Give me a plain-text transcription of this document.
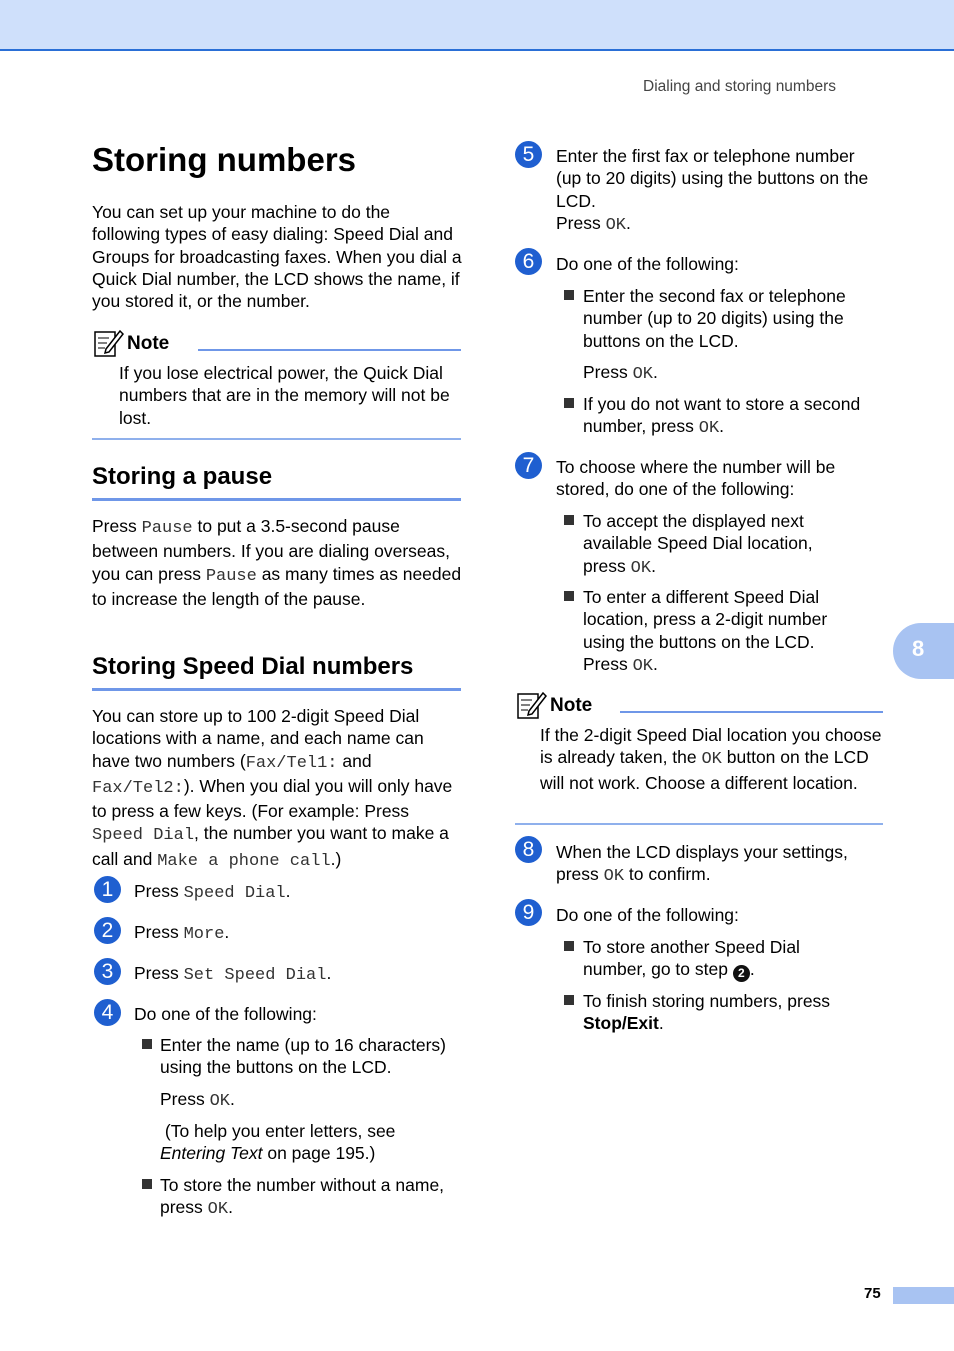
Dialing and storing numbers
Storing numbers
You can set up your machine to do the following types of easy dialing: Speed Dial and Groups for broadcasting faxes. When you dial a Quick Dial number, the LCD shows the name, if you stored it, or the number.
Note
If you lose electrical power, the Quick Dial numbers that are in the memory will not be lost.
Storing a pause
Press Pause to put a 3.5-second pause between numbers. If you are dialing overseas, you can press Pause as many times as needed to increase the length of the pause.
Storing Speed Dial numbers
You can store up to 100 2-digit Speed Dial locations with a name, and each name can have two numbers (Fax/Tel1: and Fax/Tel2:). When you dial you will only have to press a few keys. (For example: Press Speed Dial, the number you want to make a call and Make a phone call.)
1	Press Speed Dial.
2	Press More.
3	Press Set Speed Dial.
4	Do one of the following:
Enter the name (up to 16 characters) using the buttons on the LCD.
Press OK.
(To help you enter letters, see Entering Text on page 195.)
To store the number without a name, press OK.
5	Enter the first fax or telephone number (up to 20 digits) using the buttons on the LCD.
Press OK.
6	Do one of the following:
Enter the second fax or telephone number (up to 20 digits) using the buttons on the LCD.
Press OK.
If you do not want to store a second number, press OK.
7	To choose where the number will be stored, do one of the following:
To accept the displayed next available Speed Dial location, press OK.
To enter a different Speed Dial location, press a 2-digit number using the buttons on the LCD.
Press OK.
Note
If the 2-digit Speed Dial location you choose is already taken, the OK button on the LCD will not work. Choose a different location.
8	When the LCD displays your settings, press OK to confirm.
9	Do one of the following:
To store another Speed Dial number, go to step 2 .
To finish storing numbers, press Stop/Exit.
8
75
